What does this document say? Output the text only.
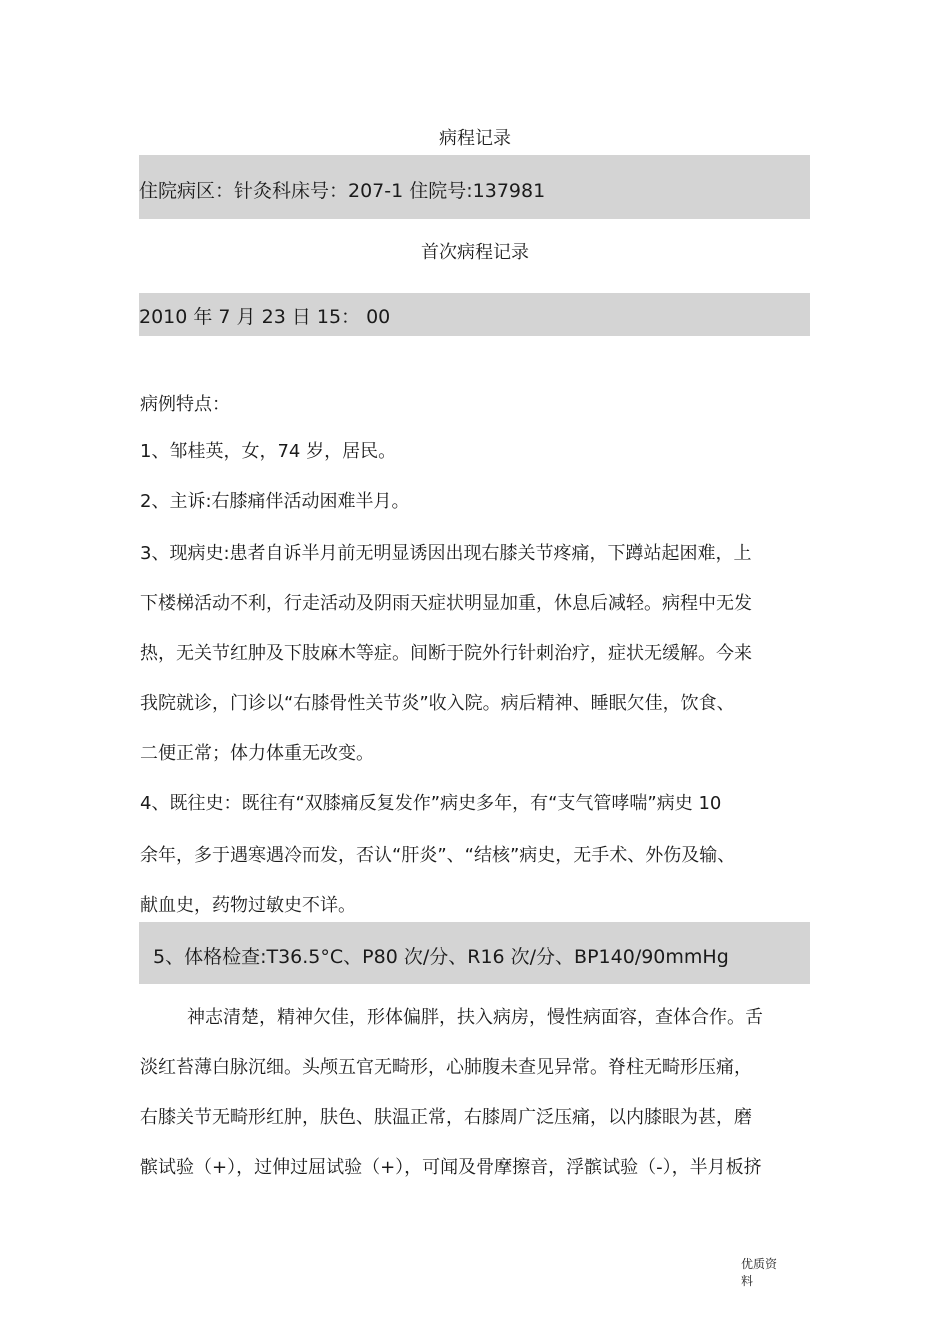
病程记录
住院病区：针灸科床号：207-1 住院号:137981
首次病程记录
2010 年 7 月 23 日 15： 00
病例特点：
1、邹桂英，女，74 岁，居民。
2、主诉:右膝痛伴活动困难半月。
3、现病史:患者自诉半月前无明显诱因出现右膝关节疼痛，下蹲站起困难，上
下楼梯活动不利，行走活动及阴雨天症状明显加重，休息后减轻。病程中无发
热，无关节红肿及下肢麻木等症。间断于院外行针刺治疗，症状无缓解。今来
我院就诊，门诊以“右膝骨性关节炎”收入院。病后精神、睡眠欠佳，饮食、
二便正常；体力体重无改变。
4、既往史：既往有“双膝痛反复发作”病史多年，有“支气管哮喘”病史 10
余年，多于遇寒遇冷而发，否认“肝炎”、“结核”病史，无手术、外伤及输、
献血史，药物过敏史不详。
5、体格检查:T36.5°C、P80 次/分、R16 次/分、BP140/90mmHg
神志清楚，精神欠佳，形体偏胖，扶入病房，慢性病面容，查体合作。舌
淡红苔薄白脉沉细。头颅五官无畸形，心肺腹未查见异常。脊柱无畸形压痛，
右膝关节无畸形红肿，肤色、肤温正常，右膝周广泛压痛，以内膝眼为甚，磨
髌试验（+），过伸过屈试验（+），可闻及骨摩擦音，浮髌试验（-），半月板挤
优质资
料
